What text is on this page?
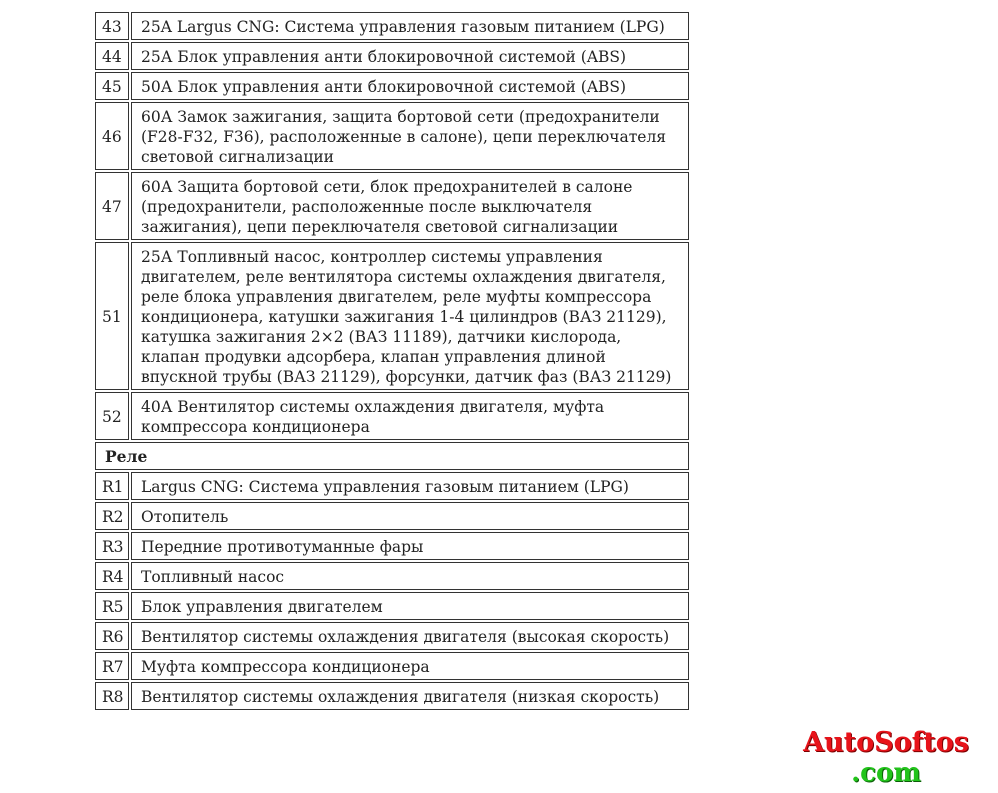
43	25A Largus CNG: Система управления газовым питанием (LPG)
44	25А Блок управления анти блокировочной системой (ABS)
45	50А Блок управления анти блокировочной системой (ABS)
46	60А Замок зажигания, защита бортовой сети (предохранители (F28-F32, F36), расположенные в салоне), цепи переключателя световой сигнализации
47	60А Защита бортовой сети, блок предохранителей в салоне (предохранители, расположенные после выключателя зажигания), цепи переключателя световой сигнализации
51	25А Топливный насос, контроллер системы управления двигателем, реле вентилятора системы охлаждения двигателя, реле блока управления двигателем, реле муфты компрессора кондиционера, катушки зажигания 1-4 цилиндров (ВАЗ 21129), катушка зажигания 2×2 (ВАЗ 11189), датчики кислорода, клапан продувки адсорбера, клапан управления длиной впускной трубы (ВАЗ 21129), форсунки, датчик фаз (ВАЗ 21129)
52	40А Вентилятор системы охлаждения двигателя, муфта компрессора кондиционера
Реле	
R1	Largus CNG: Система управления газовым питанием (LPG)
R2	Отопитель
R3	Передние противотуманные фары
R4	Топливный насос
R5	Блок управления двигателем
R6	Вентилятор системы охлаждения двигателя (высокая скорость)
R7	Муфта компрессора кондиционера
R8	Вентилятор системы охлаждения двигателя (низкая скорость)
AutoSoftos
.com
